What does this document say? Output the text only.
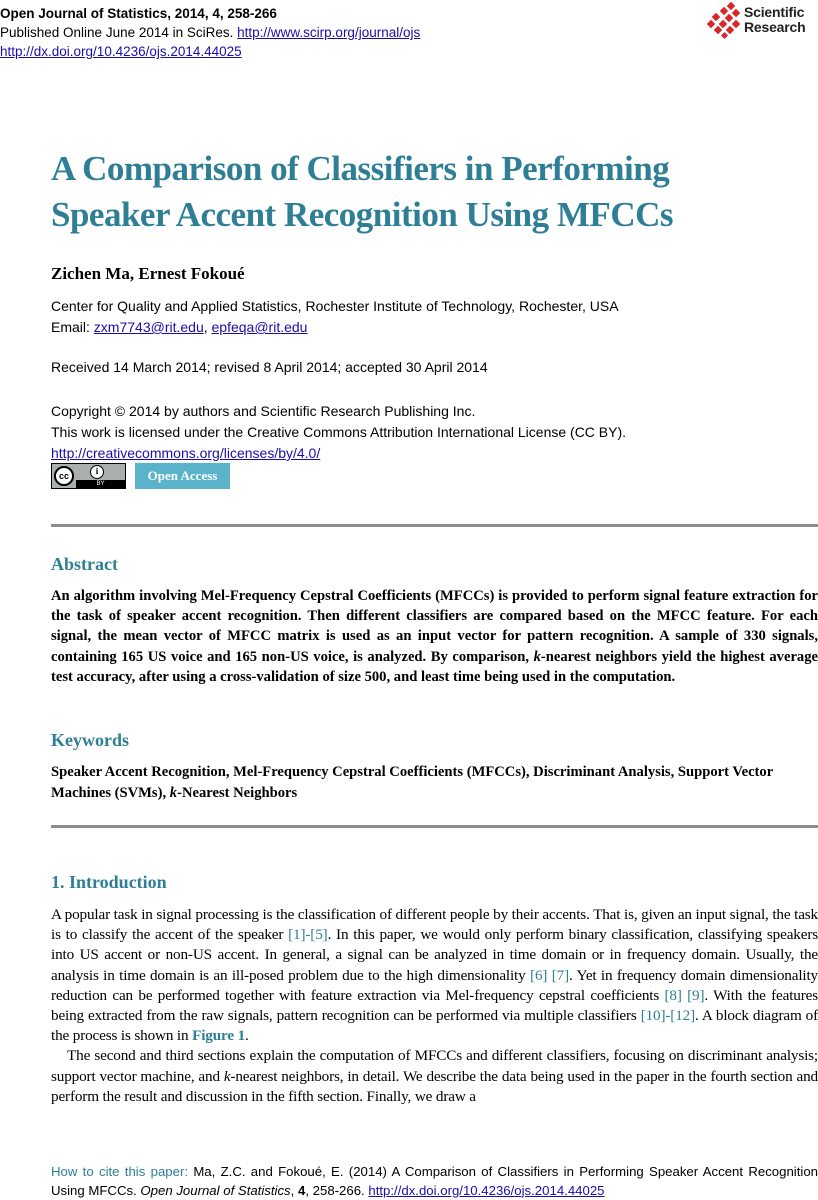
Open Journal of Statistics, 2014, 4, 258-266
Published Online June 2014 in SciRes. http://www.scirp.org/journal/ojs
http://dx.doi.org/10.4236/ojs.2014.44025
Scientific
Research
A Comparison of Classifiers in Performing
Speaker Accent Recognition Using MFCCs
Zichen Ma, Ernest Fokoué
Center for Quality and Applied Statistics, Rochester Institute of Technology, Rochester, USA
Email: zxm7743@rit.edu, epfeqa@rit.edu
Received 14 March 2014; revised 8 April 2014; accepted 30 April 2014
Copyright © 2014 by authors and Scientific Research Publishing Inc.
This work is licensed under the Creative Commons Attribution International License (CC BY).
http://creativecommons.org/licenses/by/4.0/
cc	i
BY
Open Access
Abstract
An algorithm involving Mel-Frequency Cepstral Coefficients (MFCCs) is provided to perform signal feature extraction for the task of speaker accent recognition. Then different classifiers are compared based on the MFCC feature. For each signal, the mean vector of MFCC matrix is used as an input vector for pattern recognition. A sample of 330 signals, containing 165 US voice and 165 non-US voice, is analyzed. By comparison, k-nearest neighbors yield the highest average test accuracy, after using a cross-validation of size 500, and least time being used in the computation.
Keywords
Speaker Accent Recognition, Mel-Frequency Cepstral Coefficients (MFCCs), Discriminant Analysis, Support Vector Machines (SVMs), k-Nearest Neighbors
1. Introduction

A popular task in signal processing is the classification of different people by their accents. That is, given an input signal, the task is to classify the accent of the speaker [1]-[5]. In this paper, we would only perform binary classification, classifying speakers into US accent or non-US accent. In general, a signal can be analyzed in time domain or in frequency domain. Usually, the analysis in time domain is an ill-posed problem due to the high dimensionality [6] [7]. Yet in frequency domain dimensionality reduction can be performed together with feature extraction via Mel-frequency cepstral coefficients [8] [9]. With the features being extracted from the raw signals, pattern recognition can be performed via multiple classifiers [10]-[12]. A block diagram of the process is shown in Figure 1.

The second and third sections explain the computation of MFCCs and different classifiers, focusing on discriminant analysis; support vector machine, and k-nearest neighbors, in detail. We describe the data being used in the paper in the fourth section and perform the result and discussion in the fifth section. Finally, we draw a

How to cite this paper: Ma, Z.C. and Fokoué, E. (2014) A Comparison of Classifiers in Performing Speaker Accent Recognition Using MFCCs. Open Journal of Statistics, 4, 258-266. http://dx.doi.org/10.4236/ojs.2014.44025
